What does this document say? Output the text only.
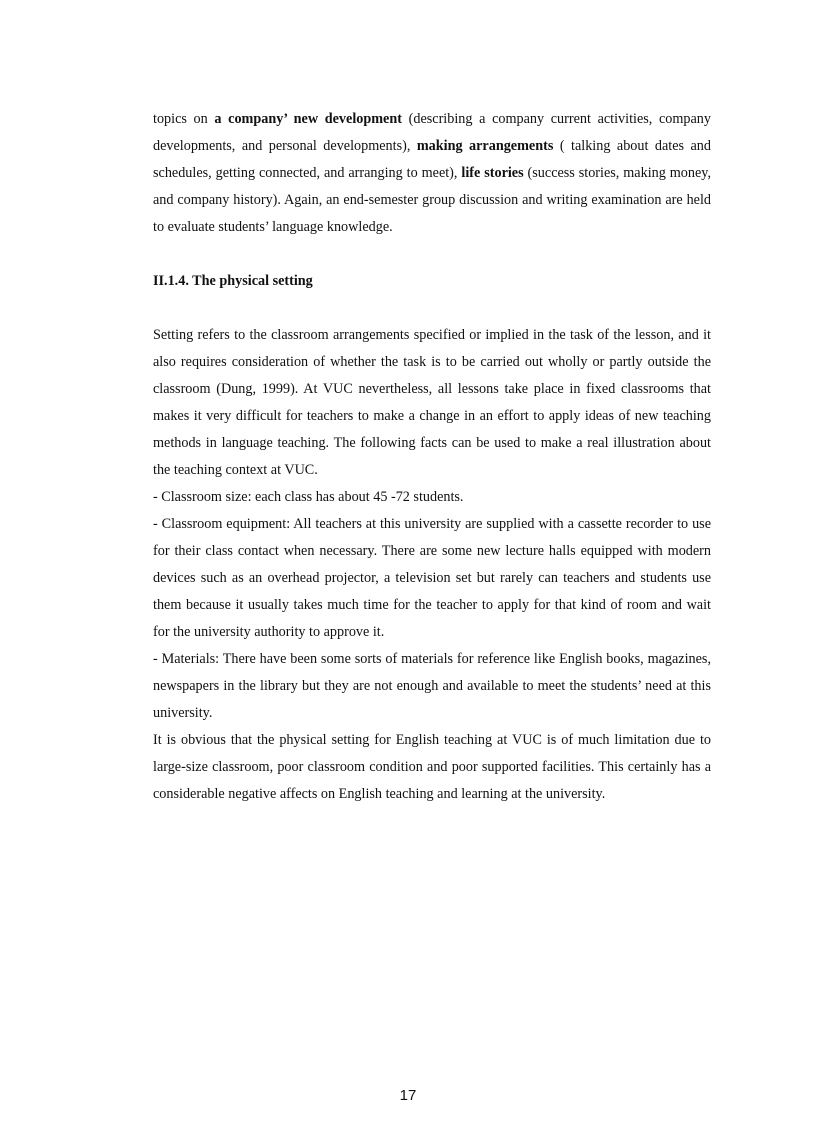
topics on a company’ new development (describing a company current activities, company developments, and personal developments), making arrangements ( talking about dates and schedules, getting connected, and arranging to meet), life stories (success stories, making money, and company history). Again, an end-semester group discussion and writing examination are held to evaluate students’ language knowledge.

II.1.4. The physical setting

Setting refers to the classroom arrangements specified or implied in the task of the lesson, and it also requires consideration of whether the task is to be carried out wholly or partly outside the classroom (Dung, 1999). At VUC nevertheless, all lessons take place in fixed classrooms that makes it very difficult for teachers to make a change in an effort to apply ideas of new teaching methods in language teaching. The following facts can be used to make a real illustration about the teaching context at VUC.

- Classroom size: each class has about 45 -72 students.

- Classroom equipment: All teachers at this university are supplied with a cassette recorder to use for their class contact when necessary. There are some new lecture halls equipped with modern devices such as an overhead projector, a television set but rarely can teachers and students use them because it usually takes much time for the teacher to apply for that kind of room and wait for the university authority to approve it.

- Materials: There have been some sorts of materials for reference like English books, magazines, newspapers in the library but they are not enough and available to meet the students’ need at this university.

It is obvious that the physical setting for English teaching at VUC is of much limitation due to large-size classroom, poor classroom condition and poor supported facilities. This certainly has a considerable negative affects on English teaching and learning at the university.

17
